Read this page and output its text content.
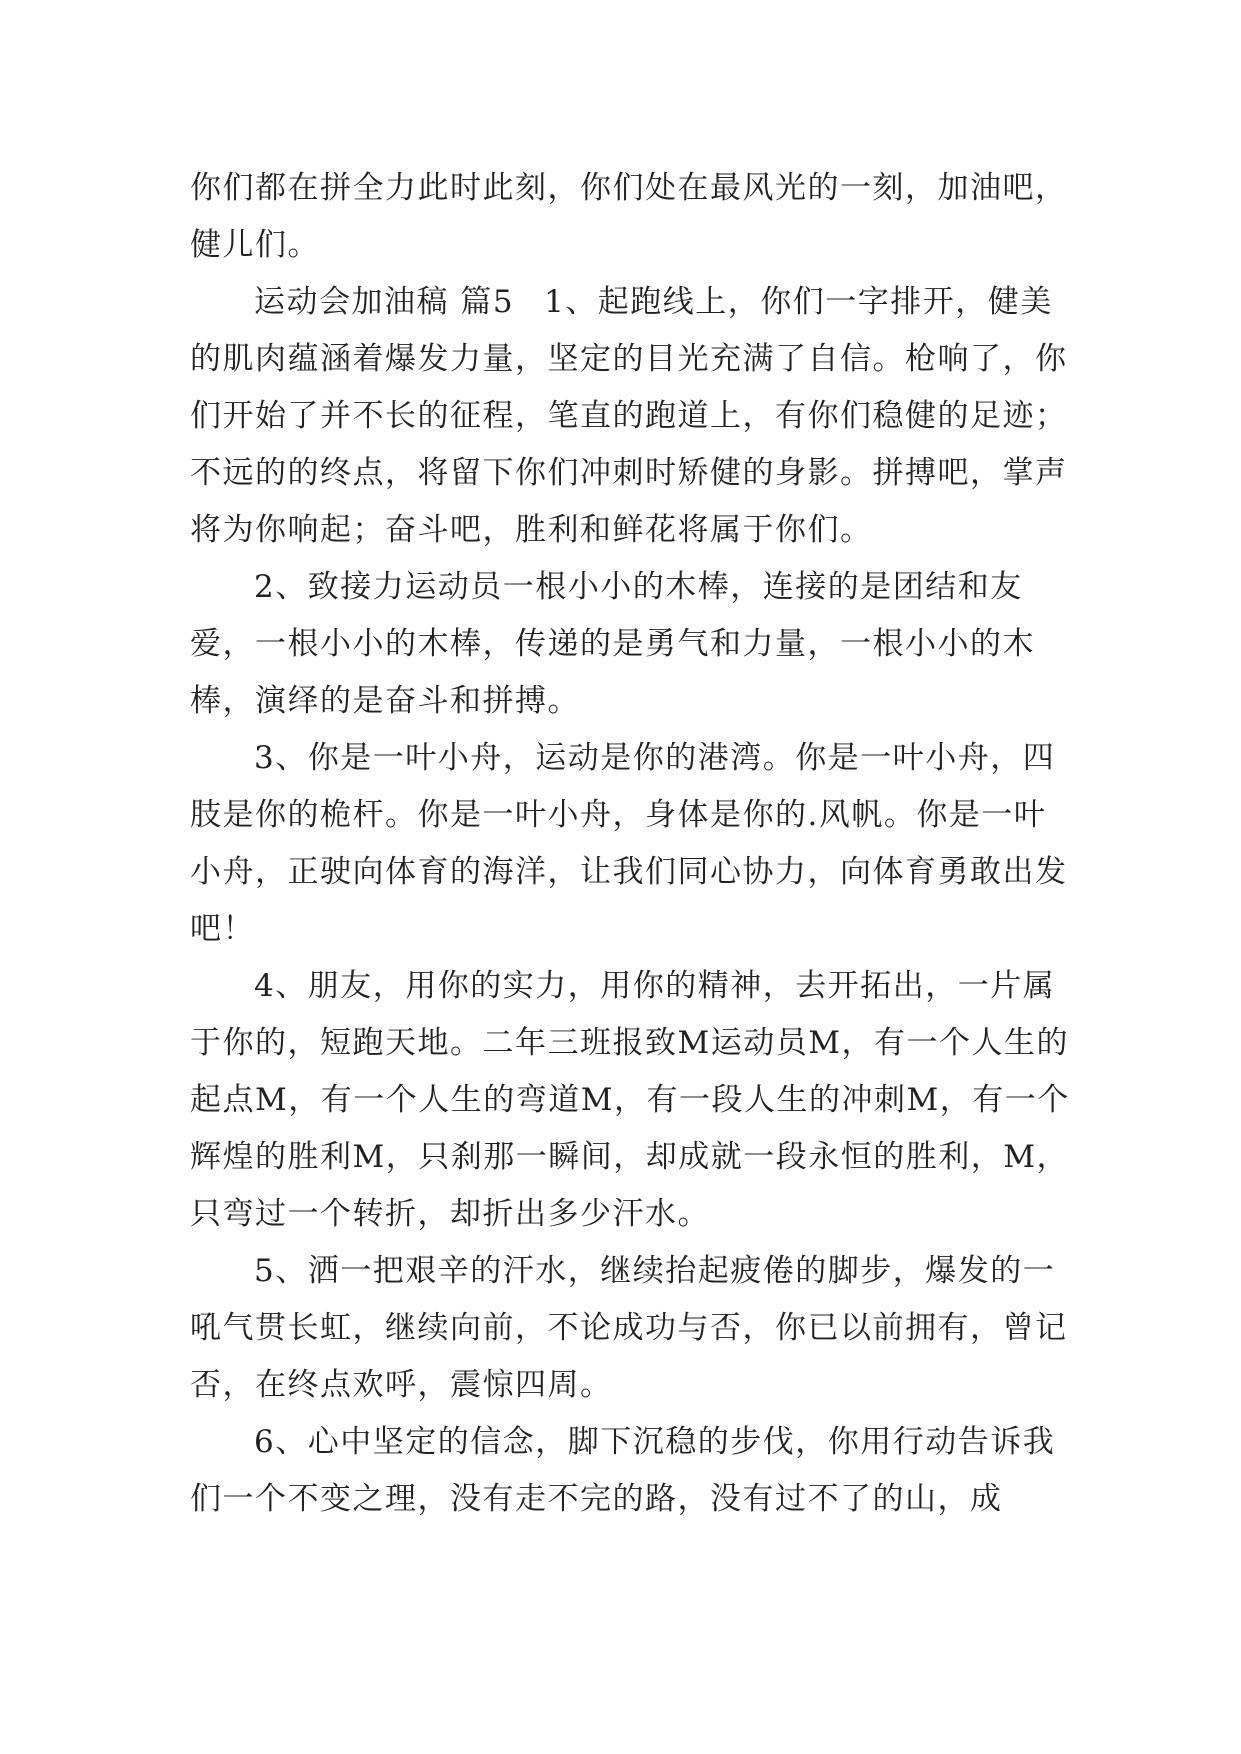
你们都在拼全力此时此刻，你们处在最风光的一刻，加油吧，健儿们。

运动会加油稿 篇5 1、起跑线上，你们一字排开，健美的肌肉蕴涵着爆发力量，坚定的目光充满了自信。枪响了，你们开始了并不长的征程，笔直的跑道上，有你们稳健的足迹；不远的的终点，将留下你们冲刺时矫健的身影。拼搏吧，掌声将为你响起；奋斗吧，胜利和鲜花将属于你们。

2、致接力运动员一根小小的木棒，连接的是团结和友爱，一根小小的木棒，传递的是勇气和力量，一根小小的木棒，演绎的是奋斗和拼搏。

3、你是一叶小舟，运动是你的港湾。你是一叶小舟，四肢是你的桅杆。你是一叶小舟，身体是你的.风帆。你是一叶小舟，正驶向体育的海洋，让我们同心协力，向体育勇敢出发吧！

4、朋友，用你的实力，用你的精神，去开拓出，一片属于你的，短跑天地。二年三班报致M运动员M，有一个人生的起点M，有一个人生的弯道M，有一段人生的冲刺M，有一个辉煌的胜利M，只刹那一瞬间，却成就一段永恒的胜利，M，只弯过一个转折，却折出多少汗水。

5、洒一把艰辛的汗水，继续抬起疲倦的脚步，爆发的一吼气贯长虹，继续向前，不论成功与否，你已以前拥有，曾记否，在终点欢呼，震惊四周。

6、心中坚定的信念，脚下沉稳的步伐，你用行动告诉我们一个不变之理，没有走不完的路，没有过不了的山，成
